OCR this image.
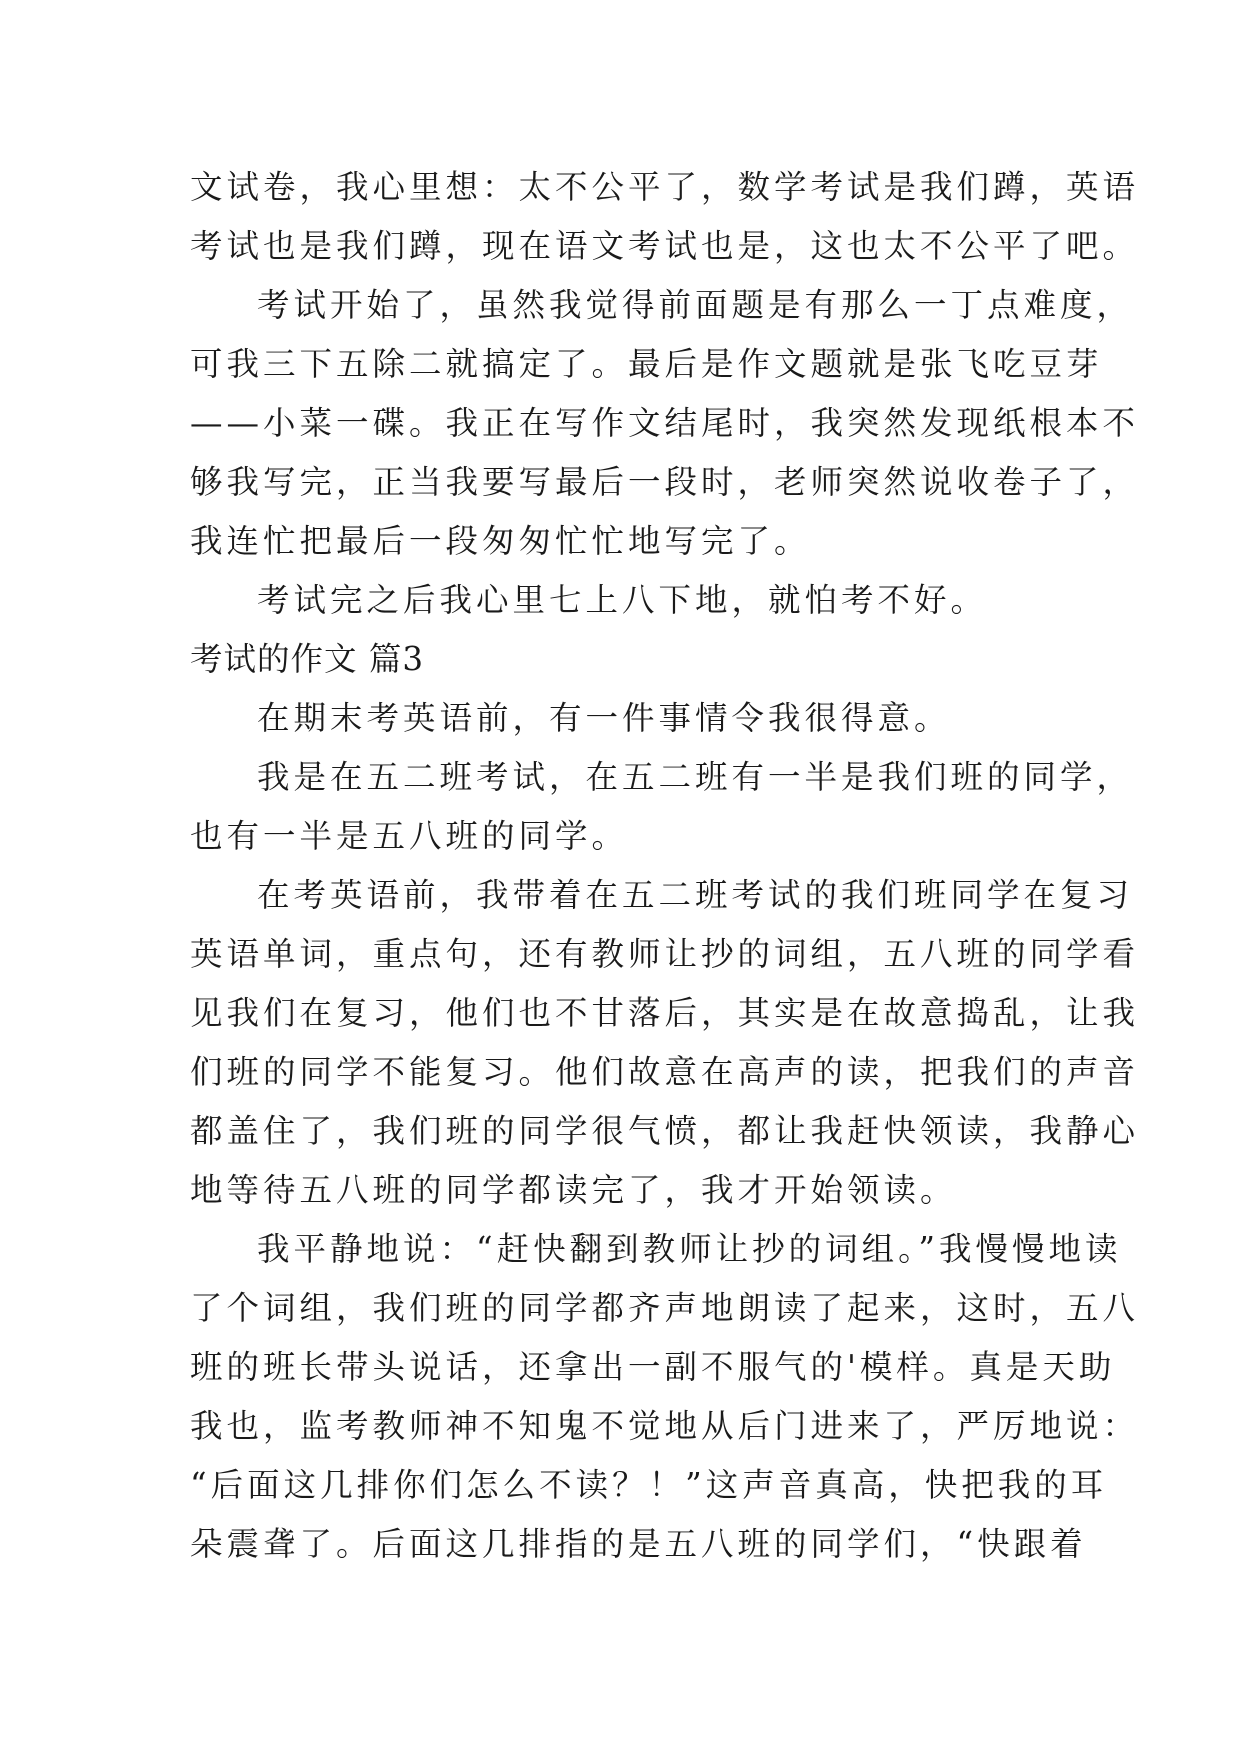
文试卷，我心里想：太不公平了，数学考试是我们蹲，英语
考试也是我们蹲，现在语文考试也是，这也太不公平了吧。
考试开始了，虽然我觉得前面题是有那么一丁点难度，
可我三下五除二就搞定了。最后是作文题就是张飞吃豆芽
——小菜一碟。我正在写作文结尾时，我突然发现纸根本不
够我写完，正当我要写最后一段时，老师突然说收卷子了，
我连忙把最后一段匆匆忙忙地写完了。
考试完之后我心里七上八下地，就怕考不好。
考试的作文 篇3
在期末考英语前，有一件事情令我很得意。
我是在五二班考试，在五二班有一半是我们班的同学，
也有一半是五八班的同学。
在考英语前，我带着在五二班考试的我们班同学在复习
英语单词，重点句，还有教师让抄的词组，五八班的同学看
见我们在复习，他们也不甘落后，其实是在故意捣乱，让我
们班的同学不能复习。他们故意在高声的读，把我们的声音
都盖住了，我们班的同学很气愤，都让我赶快领读，我静心
地等待五八班的同学都读完了，我才开始领读。
我平静地说：“赶快翻到教师让抄的词组。”我慢慢地读
了个词组，我们班的同学都齐声地朗读了起来，这时，五八
班的班长带头说话，还拿出一副不服气的'模样。真是天助
我也，监考教师神不知鬼不觉地从后门进来了，严厉地说：
“后面这几排你们怎么不读？！”这声音真高，快把我的耳
朵震聋了。后面这几排指的是五八班的同学们，“快跟着
